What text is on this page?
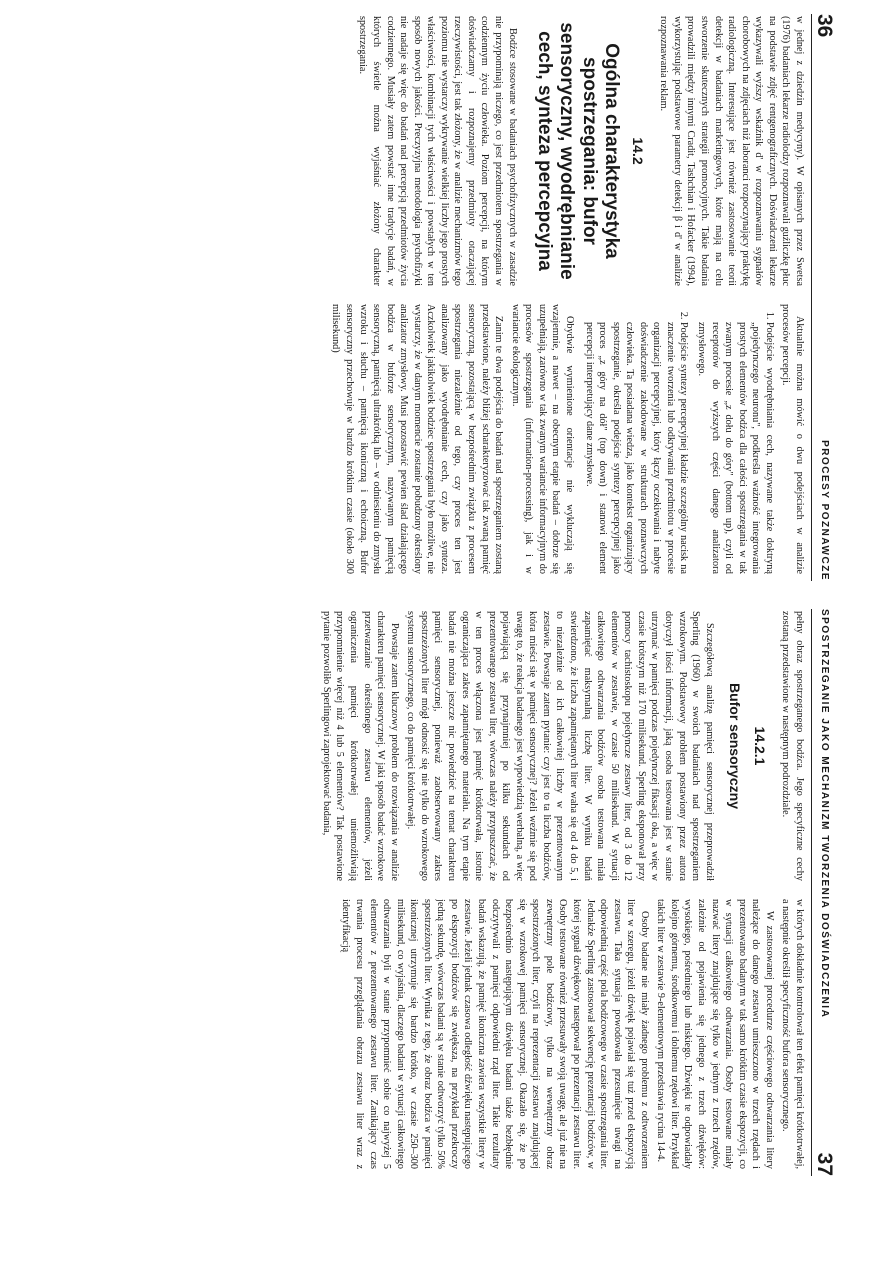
36
PROCESY POZNAWCZE

w jednej z dziedzin medycyny). W opisanych przez Swetsa (1976) badaniach lekarze radiolodzy rozpoznawali guźliczkę płuc na podstawie zdjęć rentgenograficznych. Doświadczeni lekarze wykazywali wyższy wskaźnik d' w rozpoznawaniu sygnałów chorobowych na zdjęciach niż laboranci rozpoczynający praktykę radiologiczną. Interesujące jest również zastosowanie teorii detekcji w badaniach marketingowych, które mają na celu stworzenie skutecznych strategii promocyjnych. Takie badania prowadzili między innymi Cradit, Tashchian i Hofacker (1994), wykorzystując podstawowe parametry detekcji β i d' w analizie rozpoznawania reklam.

14.2
Ogólna charakterystyka spostrzegania: bufor sensoryczny, wyodrębnianie cech, synteza percepcyjna

Bodźce stosowane w badaniach psychofizycznych w zasadzie nie przypominają niczego, co jest przedmiotem spostrzegania w codziennym życiu człowieka. Poziom percepcji, na którym doświadczamy i rozpoznajemy przedmioty otaczającej rzeczywistości, jest tak złożony, że w analizie mechanizmów tego poziomu nie wystarczy wykrywanie wielkiej liczby jego prostych właściwości, kombinacji tych właściwości i powstałych w ten sposób nowych jakości. Preczyzyjna metodologia psychofizyki nie nadaje się więc do badań nad percepcją przedmiotów życia codziennego. Musiały zatem powstać inne tradycje badań, w których świetle można wyjaśniać złożony charakter spostrzegania.

Aktualnie można mówić o dwu podejściach w analizie procesów percepcji.

1. Podejście wyodrębniania cech, nazywane także doktryną „pojedynczego neuronu", podkreśla ważność integrowania prostych elementów bodźca dla całości spostrzegania w tak zwanym procesie „z dołu do góry" (bottom up), czyli od receptorów do wyższych części danego analizatora zmysłowego.
2. Podejście syntezy percepcyjnej kładzie szczególny nacisk na znaczenie tworzenia lub odkrywania przedmiotu w procesie organizacji percepcyjnej, który łączy oczekiwania i nabyte doświadczenie zakodowane w strukturach poznawczych człowieka. Ta posiadana wiedza, jako kontekst organizujący spostrzeganie, określa podejście syntezy percepcyjnej jako proces „z góry na dół" (top down) i stanowi element percepcji interpretujący dane zmysłowe.

Obydwie wymienione orientacje nie wykluczają się wzajemnie, a nawet – na obecnym etapie badań – dobrze się uzupełniają, zarówno w tak zwanym wariancie informacyjnym do procesów spostrzegania (information-processing), jak i w wariancie ekologicznym.

Zanim te dwa podejścia do badań nad spostrzeganiem zostaną przedstawione, należy bliżej scharakteryzować tak zwaną pamięć sensoryczną, pozostającą w bezpośrednim związku z procesem spostrzegania niezależnie od tego, czy proces ten jest analizowany jako wyodrębnianie cech, czy jako synteza. Aczkolwiek jakikolwiek bodziec spostrzegania było możliwe, nie wystarczy, że w danym momencie zostanie pobudzony określony analizator zmysłowy. Musi pozostawić pewien ślad działającego bodźca w buforze sensorycznym, nazywanym pamięcią sensoryczną, pamięcią ultrakrótką lub – w odniesieniu do zmysłu wzroku i słuchu – pamięcią ikoniczną i echoiczną. Bufor sensoryczny przechowuje w bardzo krótkim czasie (około 300 milisekund)

SPOSTRZEGANIE JAKO MECHANIZM TWORZENIA DOŚWIADCZENIA
37

pełny obraz spostrzeganego bodźca. Jego specyficzne cechy zostaną przedstawione w następnym podrozdziale.

14.2.1
Bufor sensoryczny

Szczegółową analizę pamięci sensorycznej przeprowadził Sperling (1960) w swoich badaniach nad spostrzeganiem wzrokowym. Podstawowy problem postawiony przez autora dotyczył ilości informacji, jaką osoba testowana jest w stanie utrzymać w pamięci podczas pojedynczej fiksacji oka, a więc w czasie krótszym niż 170 milisekund. Sperling eksponował przy pomocy tachistoskopu pojedyncze zestawy liter, od 3 do 12 elementów w zestawie, w czasie 50 milisekund. W sytuacji całkowitego odtwarzania bodźców osoba testowana miała zapamiętać maksymalną liczbę liter. W wyniku badań stwierdzono, że liczba zapamiętanych liter waha się od 4 do 5, i to niezależnie od ich całkowitej liczby w prezentowanym zestawie. Powstaje zatem pytanie: czy jest to ta liczba bodźców, która mieści się w pamięci sensorycznej? Jeżeli weźmie się pod uwagę to, że reakcja badanego jest wypowiedzią werbalną, a więc pojawiającą się przynajmniej po kilku sekundach od prezentowanego zestawu liter, wówczas należy przypuszczać, że w ten proces włączona jest pamięć krótkotrwała, istotnie ograniczająca zakres zapamiętanego materiału. Na tym etapie badań nie można jeszcze nic powiedzieć na temat charakteru pamięci sensorycznej, ponieważ zaobserwowany zakres spostrzeżonych liter mógł odnosić się nie tylko do wzrokowego systemu sensorycznego, co do pamięci krótkotrwałej.

Powstaje zatem kluczowy problem do rozwiązania w analizie charakteru pamięci sensorycznej. W jaki sposób badać wzrokowe przetwarzanie określonego zestawu elementów, jeżeli ograniczenia pamięci krótkotrwałej uniemożliwiają przypomnienie więcej niż 4 lub 5 elementów? Tak postawione pytanie pozwoliło Sperlingowi zaprojektować badania,

w których dokładnie kontrolował ten efekt pamięci krótkotrwałej, a następnie określił specyficzność bufora sensorycznego.

W zastosowanej procedurze częściowego odtwarzania litery należące do danego zestawu umieszczono w trzech rzędach i prezentowano badanym w tak samo krótkim czasie ekspozycji, co w sytuacji całkowitego odtwarzania. Osoby testowane miały nazwać litery znajdujące się tylko w jednym z trzech rzędów, zależnie od pojawienia się jednego z trzech dźwięków: wysokiego, pośredniego lub niskiego. Dźwięki te odpowiadały kolejno górnemu, środkowemu i dolnemu rzędowi liter. Przykład takich liter w zestawie 9-elementowym przedstawia rycina 14-4.

Osoby badane nie miały żadnego problemu z odtworzeniem liter w szeregu, jeżeli dźwięk pojawiał się tuż przed ekspozycją zestawu. Taka sytuacja powodowała przesunięcie uwagi na odpowiednią część pola bodźcowego w czasie spostrzegania liter. Jednakże Sperling zastosował sekwencję prezentacji bodźców, w której sygnał dźwiękowy następował po prezentacji zestawu liter. Osoby testowane również przesuwały swoją uwagę, ale już nie na zewnętrzny pole bodźcowy, tylko na wewnętrzny obraz spostrzeżonych liter, czyli na reprezentacji zestawu znajdującej się w wzrokowej pamięci sensorycznej. Okazało się, że po bezpośrednio następującym dźwięku badani także bezbłędnie odczytywali z pamięci odpowiedni rząd liter. Takie rezultaty badań wskazują, że pamięć ikoniczna zawiera wszystkie litery w zestawie. Jeżeli jednak czasowa odległość dźwięku następującego po ekspozycji bodźców się zwiększa, na przykład przekroczy jedną sekundę, wówczas badani są w stanie odtworzyć tylko 50% spostrzeżonych liter. Wynika z tego, że obraz bodźca w pamięci ikonicznej utrzymuje się bardzo krótko, w czasie 250–300 milisekund, co wyjaśnia, dlaczego badani w sytuacji całkowitego odtwarzania byli w stanie przypomnieć sobie co najwyżej 5 elementów z prezentowanego zestawu liter. Zanikający czas trwania procesu przeglądania obrazu zestawu liter wraz z identyfikacją
